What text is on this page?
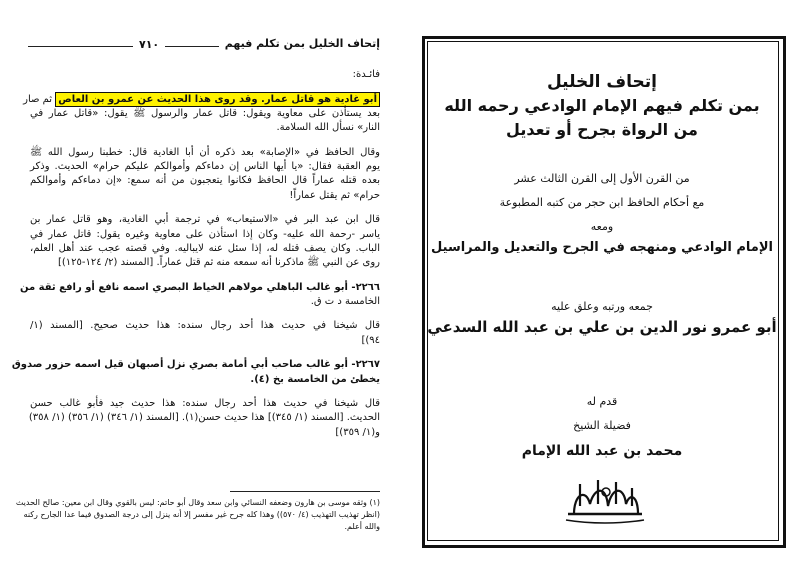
٧١٠	إتحاف الخليل بمن تكلم فيهم
فائـدة:
أبو غادية هو قاتل عمار. وقد روى هذا الحديث عن عمرو بن العاص ثم صار
بعد يستأذن على معاوية ويقول: قاتل عمار والرسول ﷺ يقول: «قاتل عمار في
النار» نسأل الله السلامة.
وقال الحافظ في «الإصابة» بعد ذكره أن أبا الغادية قال: خطبنا رسول الله ﷺ
يوم العقبة فقال: «يا أيها الناس إن دماءكم وأموالكم عليكم حرام» الحديث. وذكر
بعده قتله عماراً قال الحافظ فكانوا يتعجبون من أنه سمع: «إن دماءكم وأموالكم
حرام» ثم يقتل عماراً!
قال ابن عبد البر في «الاستيعاب» في ترجمة أبي الغادية، وهو قاتل عمار بن
ياسر -رحمة الله عليه- وكان إذا استأذن على معاوية وغيره يقول: قاتل عمار في
الباب. وكان يصف قتله له، إذا سئل عنه لايباليه. وفي قصته عجب عند أهل العلم،
روى عن النبي ﷺ ماذكرنا أنه سمعه منه ثم قتل عماراً. [المسند (٢/ ١٢٤-١٢٥)]
٢٢٦٦- أبو غالب الباهلي مولاهم الخياط البصري اسمه نافع أو رافع ثقة من
الخامسة د ت ق.
قال شيخنا في حديث هذا أحد رجال سنده: هذا حديث صحيح. [المسند (١/
٩٤)]
٢٢٦٧- أبو غالب صاحب أبي أمامة بصري نزل أصبهان قيل اسمه حزور صدوق
يخطئ من الخامسة بخ (٤).
قال شيخنا في حديث هذا أحد رجال سنده: هذا حديث جيد فأبو غالب حسن
الحديث. [المسند (١/ ٣٤٥)] هذا حديث حسن(١). [المسند (١/ ٣٤٦) (١/ ٣٥٦) (١/ ٣٥٨)
و(١/ ٣٥٩)]
(١) وثقه موسى بن هارون وضعفه النسائي وابن سعد وقال أبو حاتم: ليس بالقوي وقال ابن معين: صالح الحديث
(انظر تهذيب التهذيب (٤/ ٥٧٠)) وهذا كله جرح غير مفسر إلا أنه ينزل إلى درجة الصدوق فيما عدا الجارح ركنه
والله أعلم.
إتحاف الخليل
بمن تكلم فيهم الإمام الوادعي رحمه الله
من الرواة بجرح أو تعديل
من القرن الأول إلى القرن الثالث عشر
مع أحكام الحافظ ابن حجر من كتبه المطبوعة
ومعه
الإمام الوادعي ومنهجه في الجرح والتعديل والمراسيل
جمعه ورتبه وعلق عليه
أبو عمرو نور الدين بن علي بن عبد الله السدعي
قدم له
فضيلة الشيخ
محمد بن عبد الله الإمام
